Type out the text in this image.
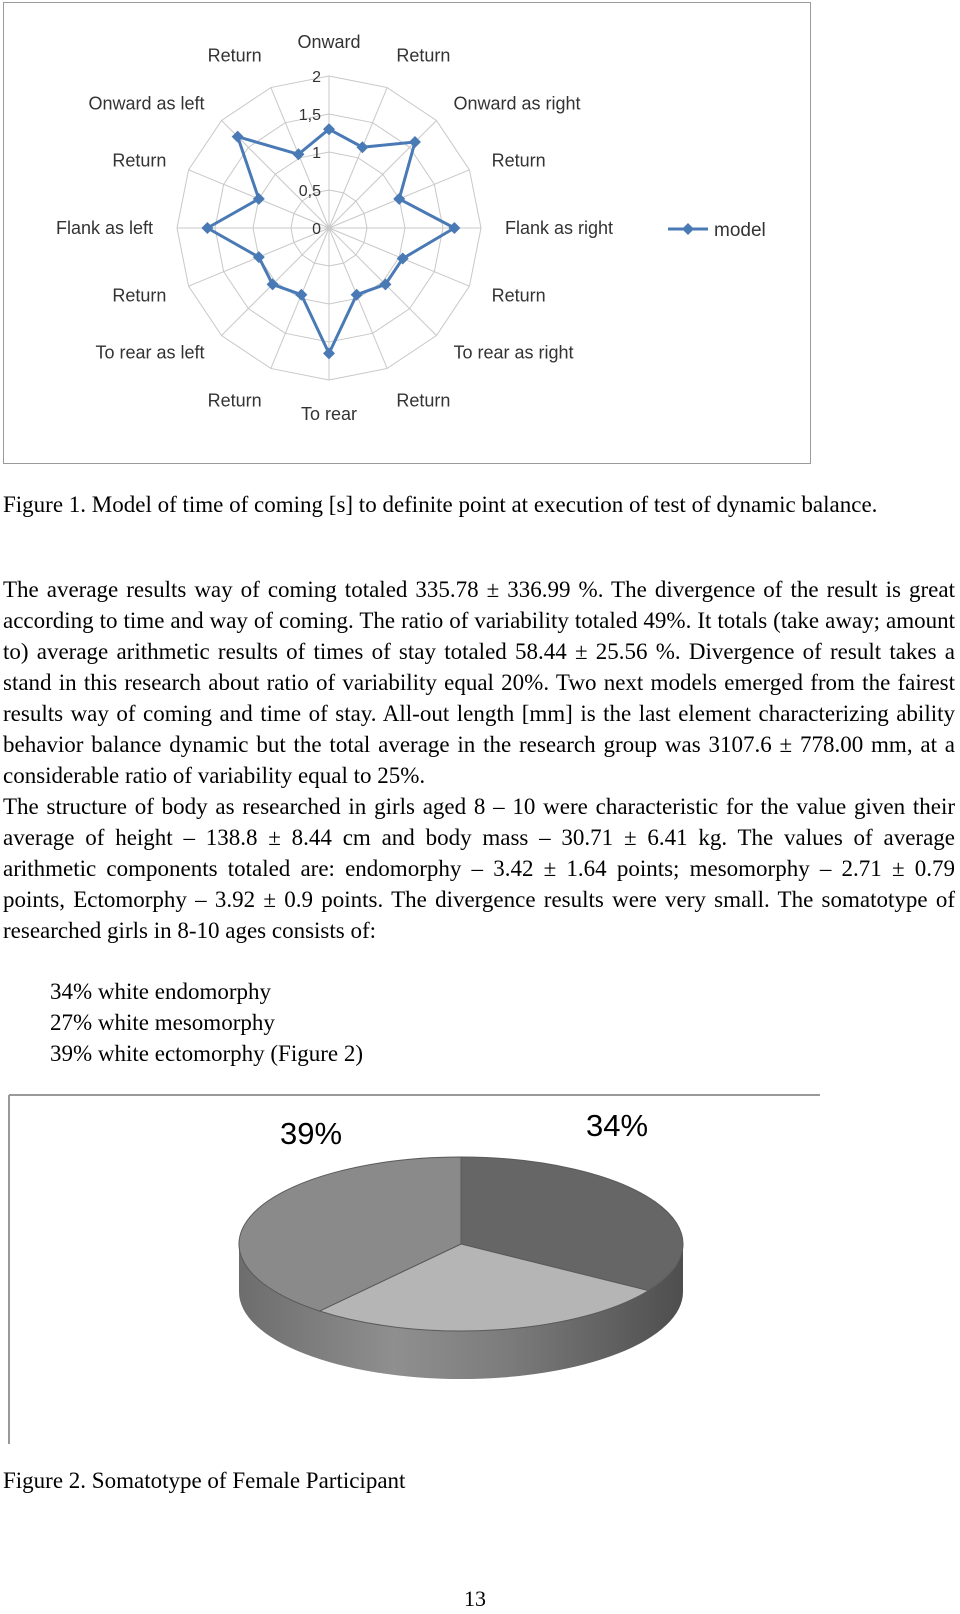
0
0,5
1
1,5
2
Onward
Return
Onward as right
Return
Flank as right
Return
To rear as right
Return
To rear
Return
To rear as left
Return
Flank as left
Return
Onward as left
Return
model
Figure 1. Model of time of coming [s] to definite point at execution of test of dynamic balance.

The average results way of coming totaled 335.78 ± 336.99 %. The divergence of the result is great according to time and way of coming. The ratio of variability totaled 49%. It totals (take away; amount to) average arithmetic results of times of stay totaled 58.44 ± 25.56 %. Divergence of result takes a stand in this research about ratio of variability equal 20%. Two next models emerged from the fairest results way of coming and time of stay. All-out length [mm] is the last element characterizing ability behavior balance dynamic but the total average in the research group was 3107.6 ± 778.00 mm, at a considerable ratio of variability equal to 25%.

The structure of body as researched in girls aged 8 – 10 were characteristic for the value given their average of height – 138.8 ± 8.44 cm and body mass – 30.71 ± 6.41 kg. The values of average arithmetic components totaled are: endomorphy – 3.42 ± 1.64 points; mesomorphy – 2.71 ± 0.79 points, Ectomorphy – 3.92 ± 0.9 points. The divergence results were very small. The somatotype of researched girls in 8-10 ages consists of:

34% white endomorphy
27% white mesomorphy
39% white ectomorphy (Figure 2)
34%
39%
Figure 2. Somatotype of Female Participant
13
